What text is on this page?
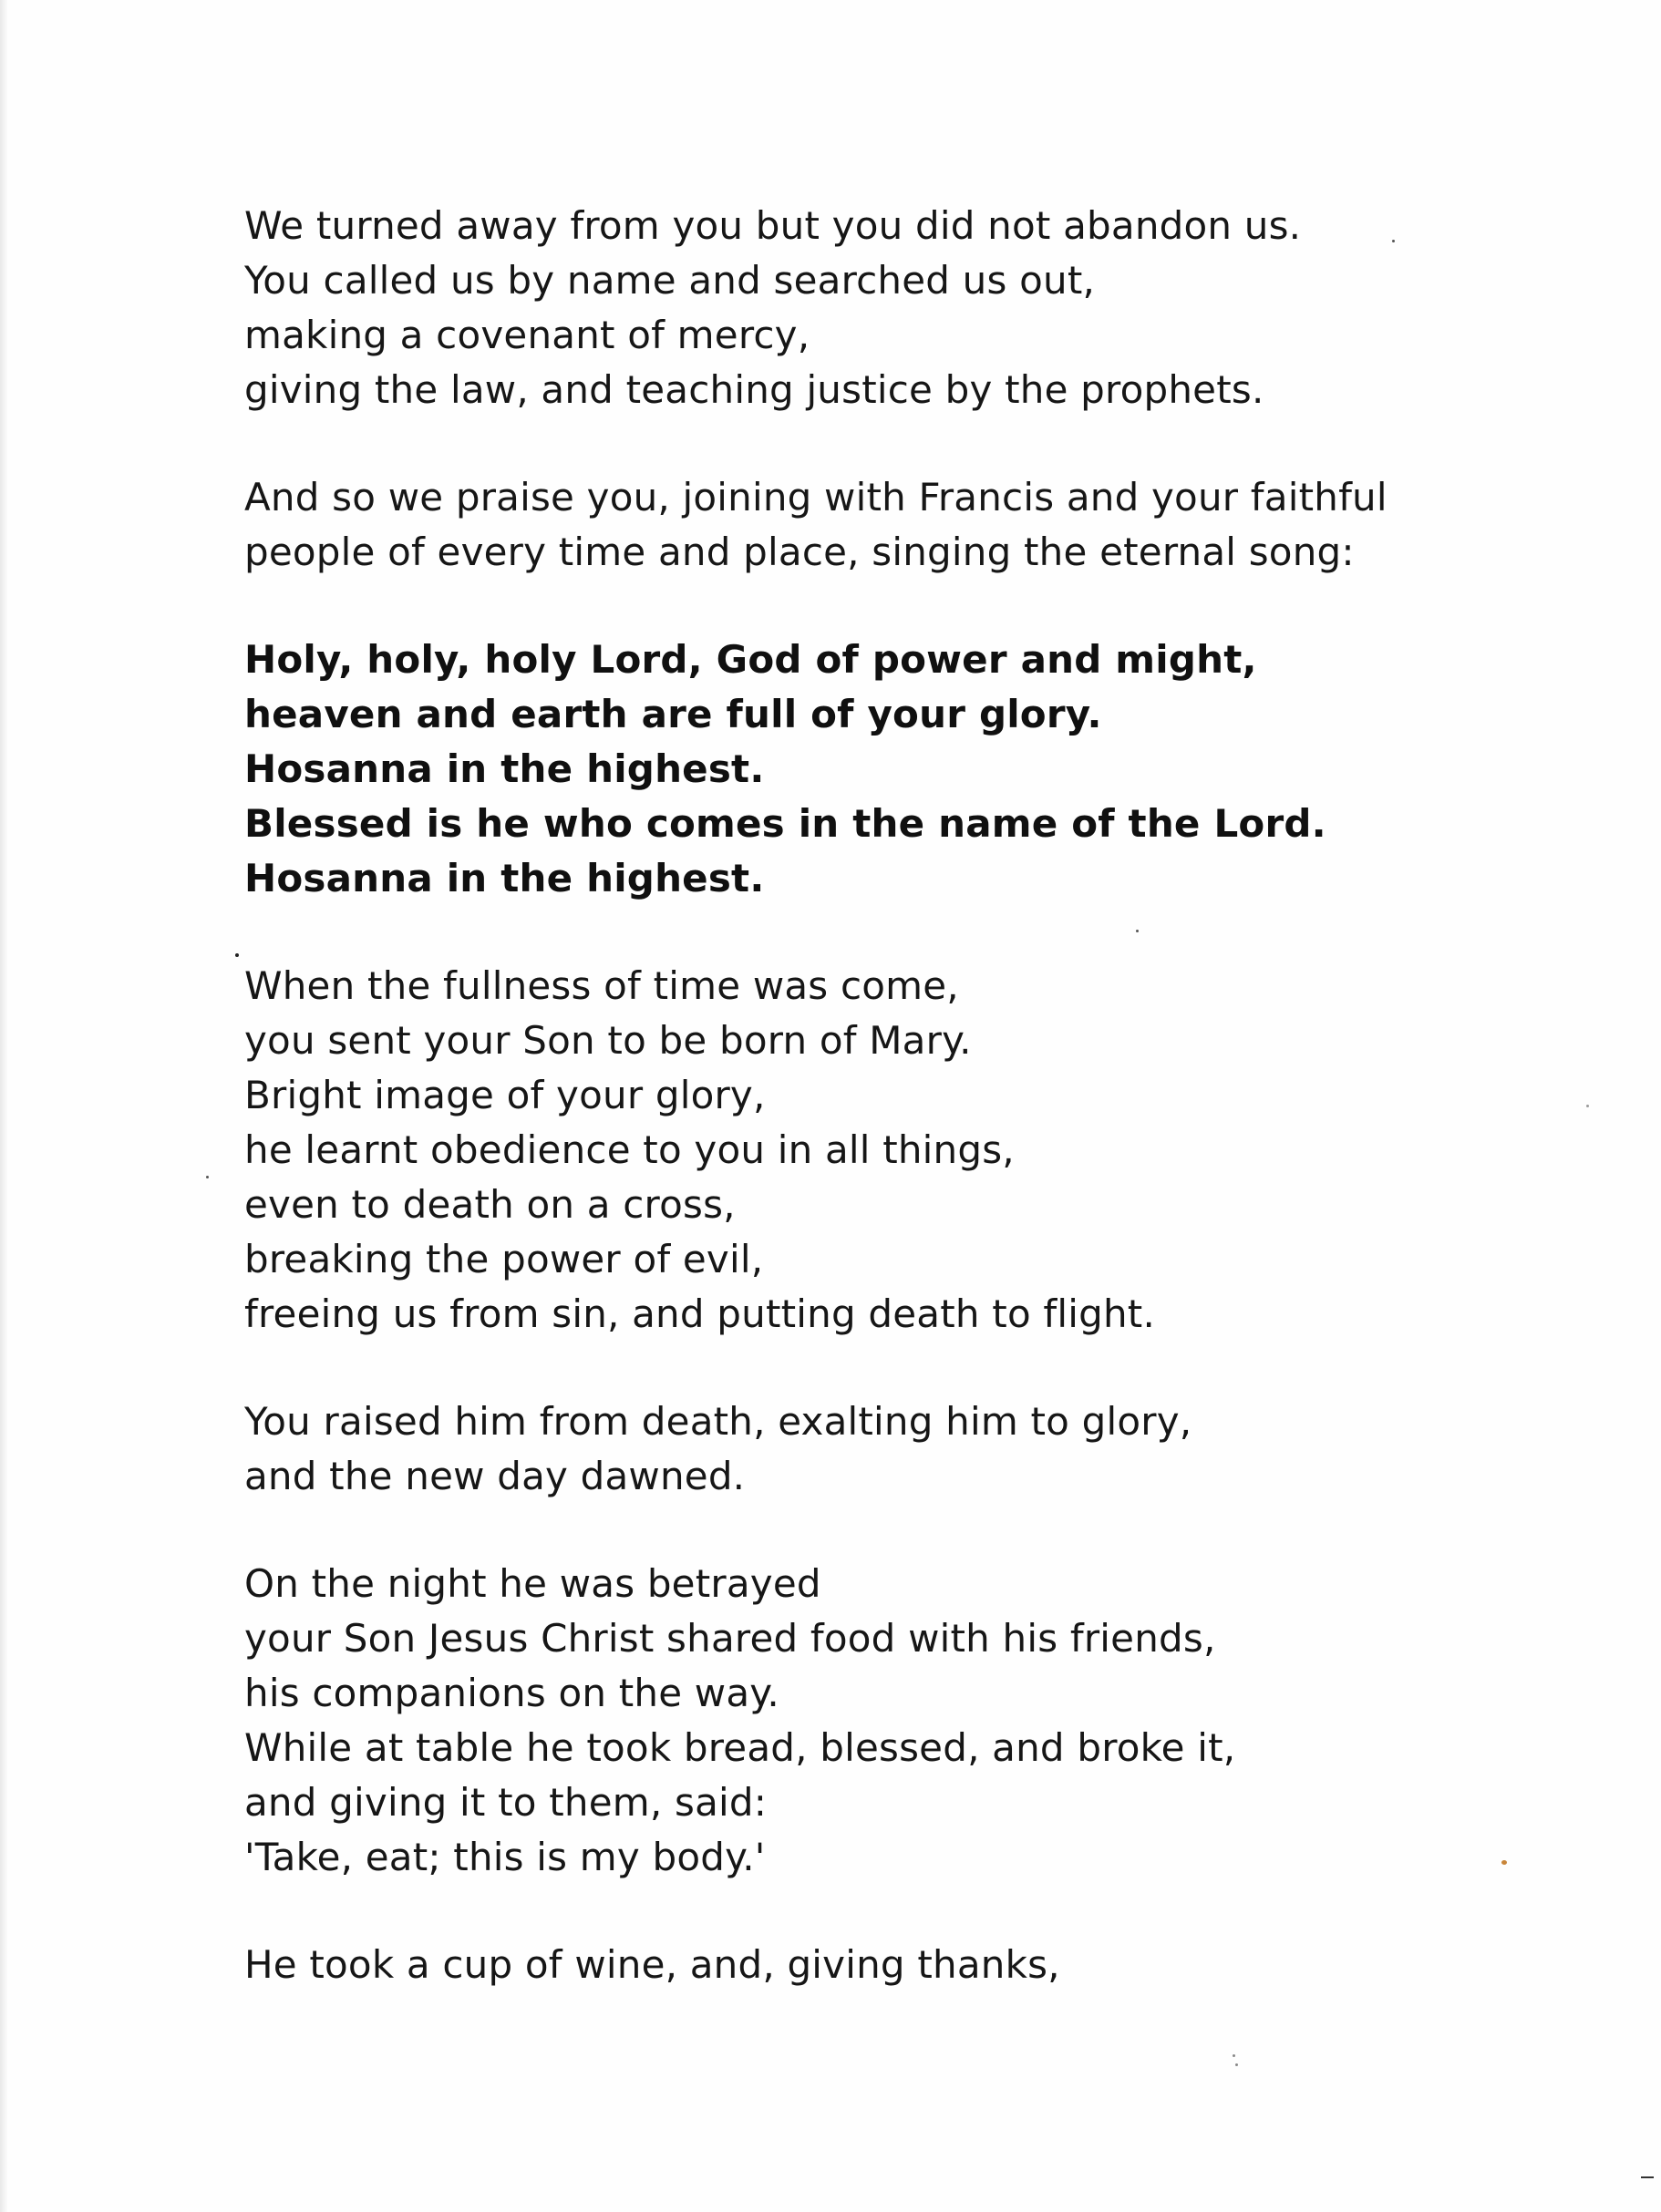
We turned away from you but you did not abandon us.
You called us by name and searched us out,
making a covenant of mercy,
giving the law, and teaching justice by the prophets.
And so we praise you, joining with Francis and your faithful
people of every time and place, singing the eternal song:
Holy, holy, holy Lord, God of power and might,
heaven and earth are full of your glory.
Hosanna in the highest.
Blessed is he who comes in the name of the Lord.
Hosanna in the highest.
When the fullness of time was come,
you sent your Son to be born of Mary.
Bright image of your glory,
he learnt obedience to you in all things,
even to death on a cross,
breaking the power of evil,
freeing us from sin, and putting death to flight.
You raised him from death, exalting him to glory,
and the new day dawned.
On the night he was betrayed
your Son Jesus Christ shared food with his friends,
his companions on the way.
While at table he took bread, blessed, and broke it,
and giving it to them, said:
'Take, eat; this is my body.'
He took a cup of wine, and, giving thanks,
